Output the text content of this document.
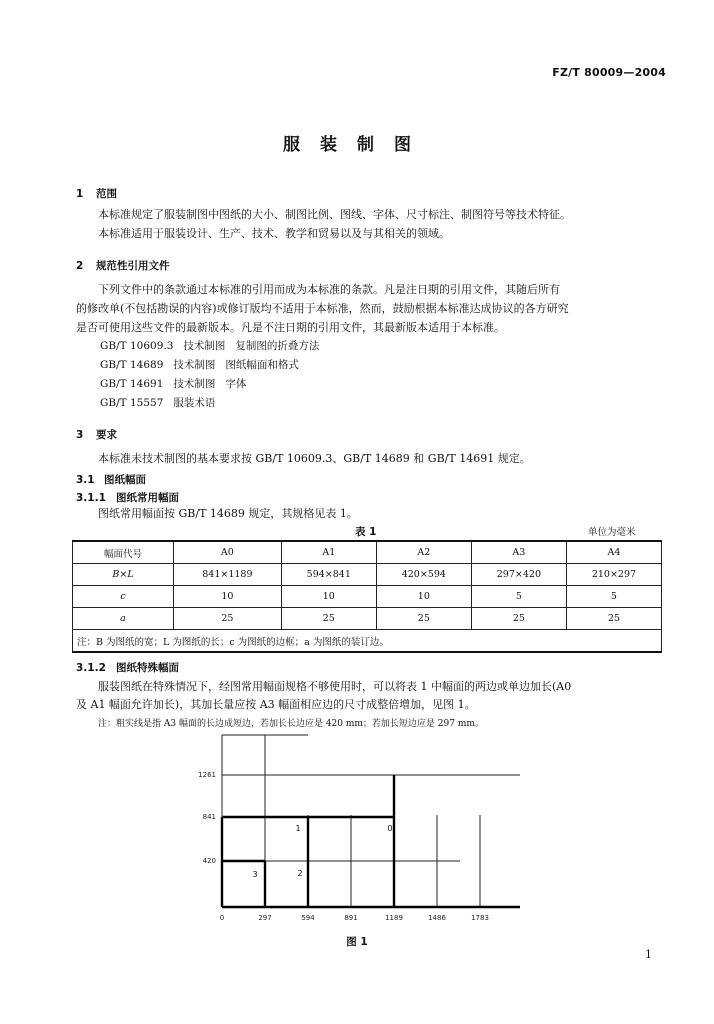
FZ/T 80009—2004
服装制图
1 范围
本标准规定了服装制图中图纸的大小、制图比例、图线、字体、尺寸标注、制图符号等技术特征。
本标准适用于服装设计、生产、技术、教学和贸易以及与其相关的领域。
2 规范性引用文件
下列文件中的条款通过本标准的引用而成为本标准的条款。凡是注日期的引用文件，其随后所有
的修改单(不包括勘误的内容)或修订版均不适用于本标准，然而，鼓励根据本标准达成协议的各方研究
是否可使用这些文件的最新版本。凡是不注日期的引用文件，其最新版本适用于本标准。
GB/T 10609.3   技术制图   复制图的折叠方法
GB/T 14689   技术制图   图纸幅面和格式
GB/T 14691   技术制图   字体
GB/T 15557   服装术语
3 要求
本标准未技术制图的基本要求按 GB/T 10609.3、GB/T 14689 和 GB/T 14691 规定。
3.1 图纸幅面
3.1.1 图纸常用幅面
图纸常用幅面按 GB/T 14689 规定，其规格见表 1。
表 1	单位为毫米
幅面代号	A0	A1	A2	A3	A4
B×L	841×1189	594×841	420×594	297×420	210×297
c	10	10	10	5	5
a	25	25	25	25	25
注：B 为图纸的宽；L 为图纸的长；c 为图纸的边框；a 为图纸的装订边。					
3.1.2 图纸特殊幅面
服装图纸在特殊情况下，经图常用幅面规格不够使用时，可以将表 1 中幅面的两边或单边加长(A0
及 A1 幅面允许加长)，其加长量应按 A3 幅面相应边的尺寸成整倍增加，见图 1。
注：粗实线是指 A3 幅面的长边成短边，若加长长边应是 420 mm；若加长短边应是 297 mm。
0	297	594	891	1189	1486	1783
1261
841
420
3	2
1	0
图 1
1
